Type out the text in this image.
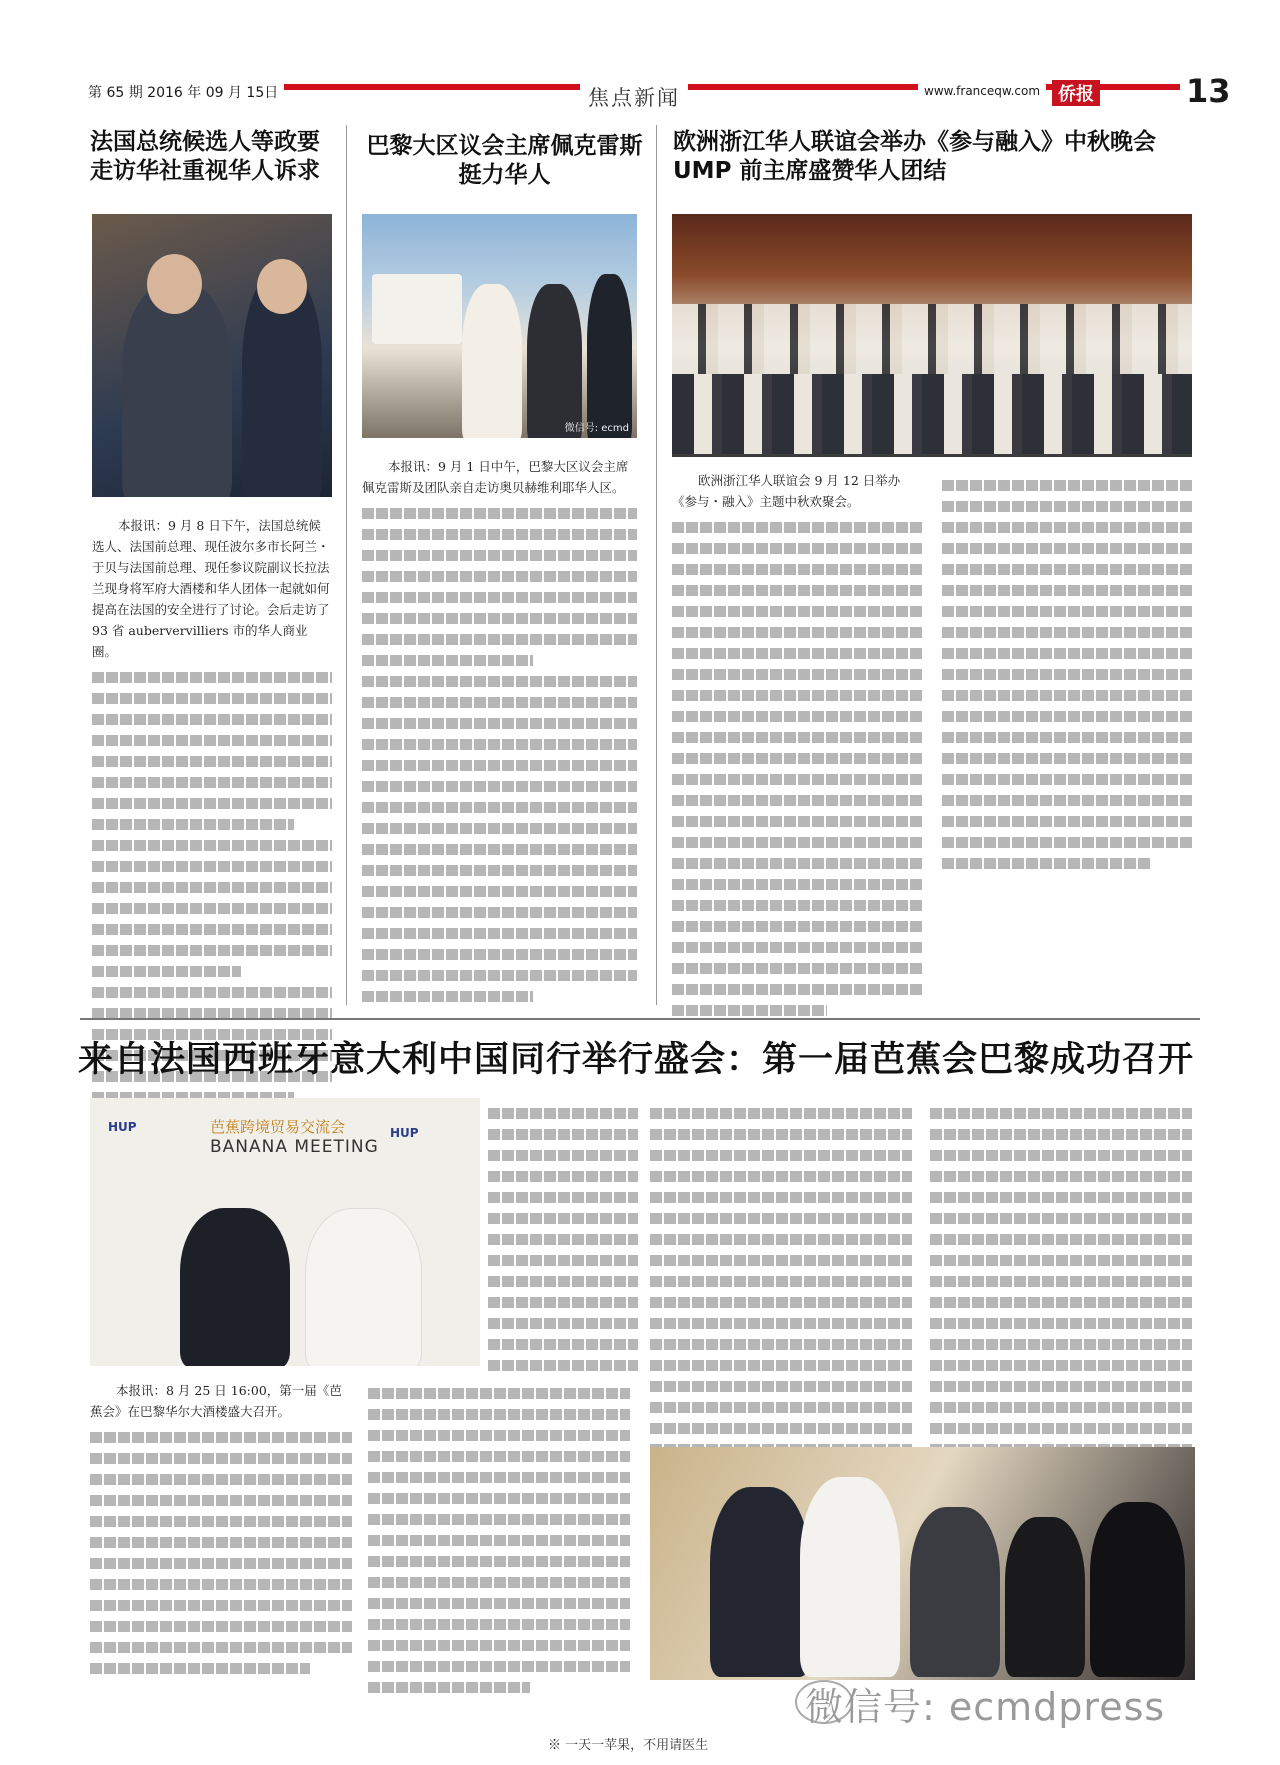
第 65 期 2016 年 09 月 15日	焦点新闻	www.franceqw.com 侨报	13
法国总统候选人等政要走访华社重视华人诉求

本报讯：9 月 8 日下午，法国总统候选人、法国前总理、现任波尔多市长阿兰・于贝与法国前总理、现任参议院副议长拉法兰现身将军府大酒楼和华人团体一起就如何提高在法国的安全进行了讨论。会后走访了 93 省 aubervervilliers 市的华人商业圈。

巴黎大区议会主席佩克雷斯挺力华人
微信号: ecmd

本报讯：9 月 1 日中午，巴黎大区议会主席佩克雷斯及团队亲自走访奥贝赫维利耶华人区。

欧洲浙江华人联谊会举办《参与融入》中秋晚会UMP 前主席盛赞华人团结

欧洲浙江华人联谊会 9 月 12 日举办《参与・融入》主题中秋欢聚会。

来自法国西班牙意大利中国同行举行盛会：第一届芭蕉会巴黎成功召开
HUP	芭蕉跨境贸易交流会
BANANA MEETING
HUP

本报讯：8 月 25 日 16:00，第一届《芭蕉会》在巴黎华尔大酒楼盛大召开。

微信号: ecmdpress
※ 一天一苹果，不用请医生
